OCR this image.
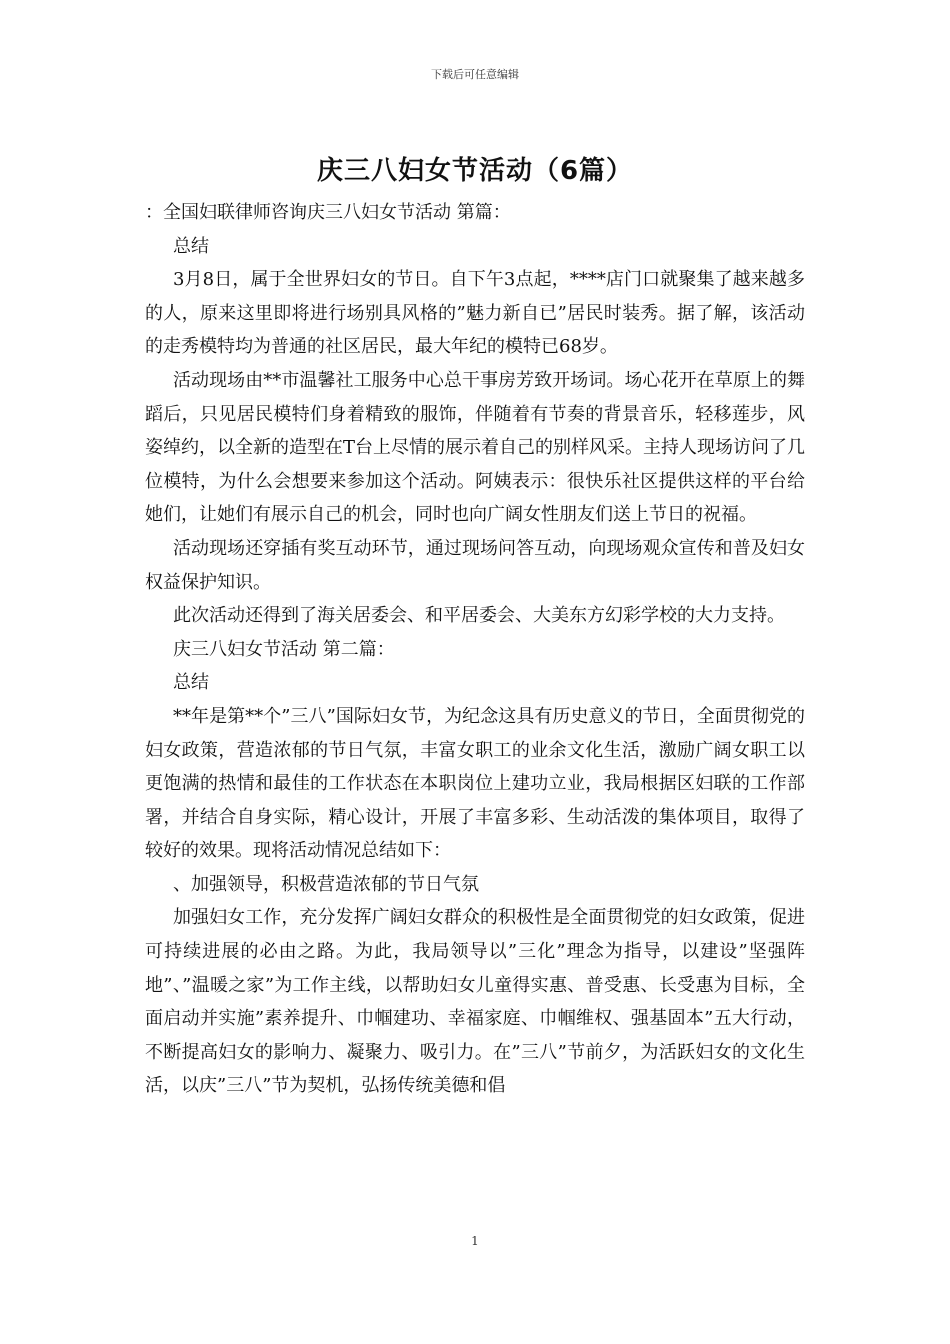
下载后可任意编辑
庆三八妇女节活动（6篇）

：全国妇联律师咨询庆三八妇女节活动 第篇：

总结

3月8日，属于全世界妇女的节日。自下午3点起，****店门口就聚集了越来越多的人，原来这里即将进行场别具风格的”魅力新自已”居民时装秀。据了解，该活动的走秀模特均为普通的社区居民，最大年纪的模特已68岁。

活动现场由**市温馨社工服务中心总干事房芳致开场词。场心花开在草原上的舞蹈后，只见居民模特们身着精致的服饰，伴随着有节奏的背景音乐，轻移莲步，风姿绰约，以全新的造型在T台上尽情的展示着自己的别样风采。主持人现场访问了几位模特，为什么会想要来参加这个活动。阿姨表示：很快乐社区提供这样的平台给她们，让她们有展示自己的机会，同时也向广阔女性朋友们送上节日的祝福。

活动现场还穿插有奖互动环节，通过现场问答互动，向现场观众宣传和普及妇女权益保护知识。

此次活动还得到了海关居委会、和平居委会、大美东方幻彩学校的大力支持。

庆三八妇女节活动 第二篇：

总结

**年是第**个”三八”国际妇女节，为纪念这具有历史意义的节日，全面贯彻党的妇女政策，营造浓郁的节日气氛，丰富女职工的业余文化生活，激励广阔女职工以更饱满的热情和最佳的工作状态在本职岗位上建功立业，我局根据区妇联的工作部署，并结合自身实际，精心设计，开展了丰富多彩、生动活泼的集体项目，取得了较好的效果。现将活动情况总结如下：

、加强领导，积极营造浓郁的节日气氛

加强妇女工作，充分发挥广阔妇女群众的积极性是全面贯彻党的妇女政策，促进可持续进展的必由之路。为此，我局领导以”三化”理念为指导，以建设”坚强阵地”、”温暖之家”为工作主线，以帮助妇女儿童得实惠、普受惠、长受惠为目标，全面启动并实施”素养提升、巾帼建功、幸福家庭、巾帼维权、强基固本”五大行动，不断提高妇女的影响力、凝聚力、吸引力。在”三八”节前夕，为活跃妇女的文化生活，以庆”三八”节为契机，弘扬传统美德和倡

1
